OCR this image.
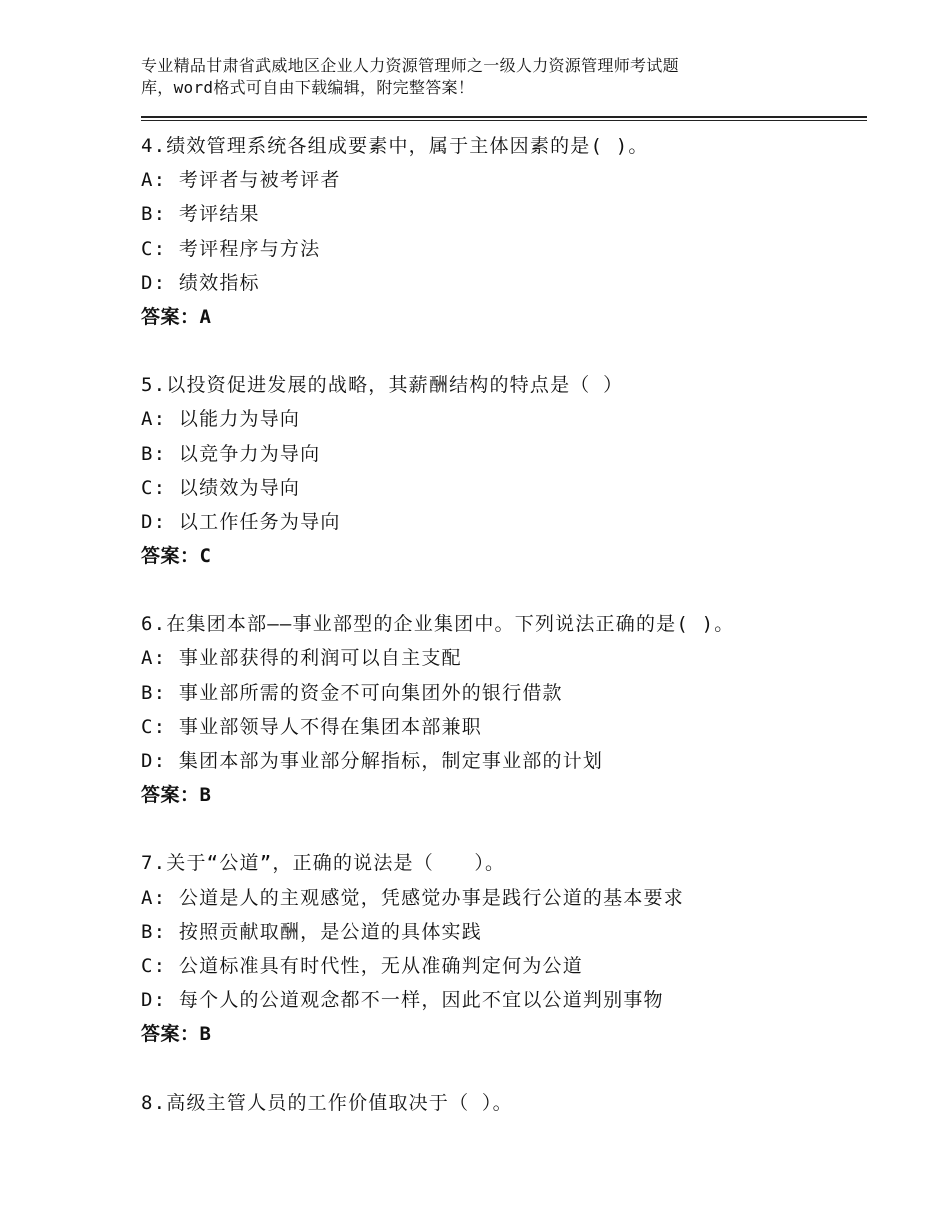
专业精品甘肃省武威地区企业人力资源管理师之一级人力资源管理师考试题

库，word格式可自由下载编辑，附完整答案！

4.绩效管理系统各组成要素中，属于主体因素的是( )。
A: 考评者与被考评者
B: 考评结果
C: 考评程序与方法
D: 绩效指标
答案：A
5.以投资促进发展的战略，其薪酬结构的特点是（ ）
A: 以能力为导向
B: 以竞争力为导向
C: 以绩效为导向
D: 以工作任务为导向
答案：C
6.在集团本部——事业部型的企业集团中。下列说法正确的是( )。
A: 事业部获得的利润可以自主支配
B: 事业部所需的资金不可向集团外的银行借款
C: 事业部领导人不得在集团本部兼职
D: 集团本部为事业部分解指标，制定事业部的计划
答案：B
7.关于“公道”，正确的说法是（　　）。
A: 公道是人的主观感觉，凭感觉办事是践行公道的基本要求
B: 按照贡献取酬，是公道的具体实践
C: 公道标准具有时代性，无从准确判定何为公道
D: 每个人的公道观念都不一样，因此不宜以公道判别事物
答案：B
8.高级主管人员的工作价值取决于（ ）。
